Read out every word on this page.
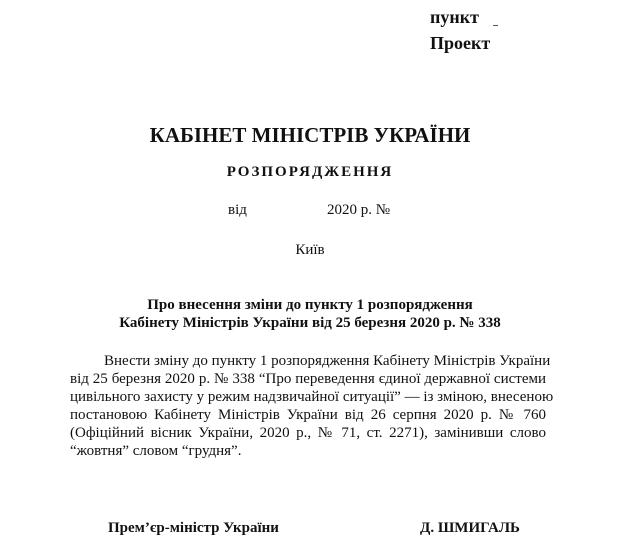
пункт
Проект
КАБІНЕТ МІНІСТРІВ УКРАЇНИ
РОЗПОРЯДЖЕННЯ
від	2020 р. №
Київ
Про внесення зміни до пункту 1 розпорядження
Кабінету Міністрів України від 25 березня 2020 р. № 338
Внести зміну до пункту 1 розпорядження Кабінету Міністрів України
від 25 березня 2020 р. № 338 “Про переведення єдиної державної системи
цивільного захисту у режим надзвичайної ситуації” — із зміною, внесеною
постановою Кабінету Міністрів України від 26 серпня 2020 р. № 760
(Офіційний вісник України, 2020 р., № 71, ст. 2271), замінивши слово
“жовтня” словом “грудня”.
Прем’єр-міністр України	Д. ШМИГАЛЬ
